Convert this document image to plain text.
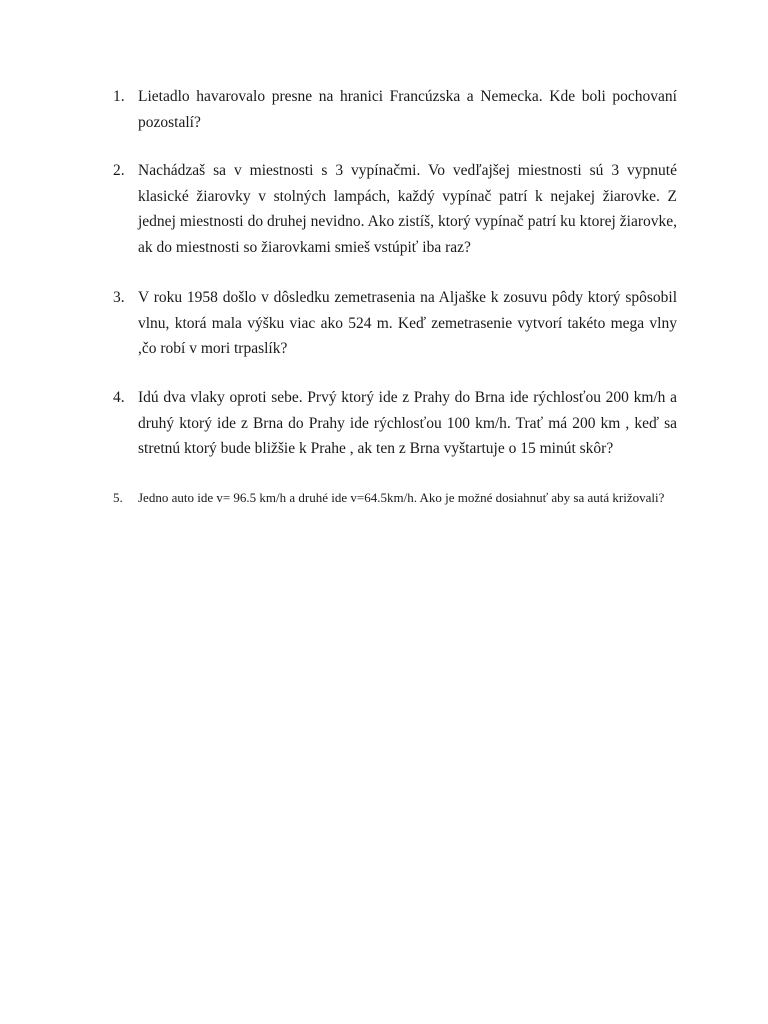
1. Lietadlo havarovalo presne na hranici Francúzska a Nemecka. Kde boli pochovaní pozostalí?
2. Nachádzaš sa v miestnosti s 3 vypínačmi. Vo vedľajšej miestnosti sú 3 vypnuté klasické žiarovky v stolných lampách, každý vypínač patrí k nejakej žiarovke. Z jednej miestnosti do druhej nevidno. Ako zistíš, ktorý vypínač patrí ku ktorej žiarovke, ak do miestnosti so žiarovkami smieš vstúpiť iba raz?
3. V roku 1958 došlo v dôsledku zemetrasenia na Aljaške k zosuvu pôdy ktorý spôsobil vlnu, ktorá mala výšku viac ako 524 m. Keď zemetrasenie vytvorí takéto mega vlny ,čo robí v mori trpaslík?
4. Idú dva vlaky oproti sebe. Prvý ktorý ide z Prahy do Brna ide rýchlosťou 200 km/h a druhý ktorý ide z Brna do Prahy ide rýchlosťou 100 km/h. Trať má 200 km , keď sa stretnú ktorý bude bližšie k Prahe , ak ten z Brna vyštartuje o 15 minút skôr?
5.	Jedno auto ide v= 96.5 km/h a druhé ide v=64.5km/h. Ako je možné dosiahnuť aby sa autá križovali?
